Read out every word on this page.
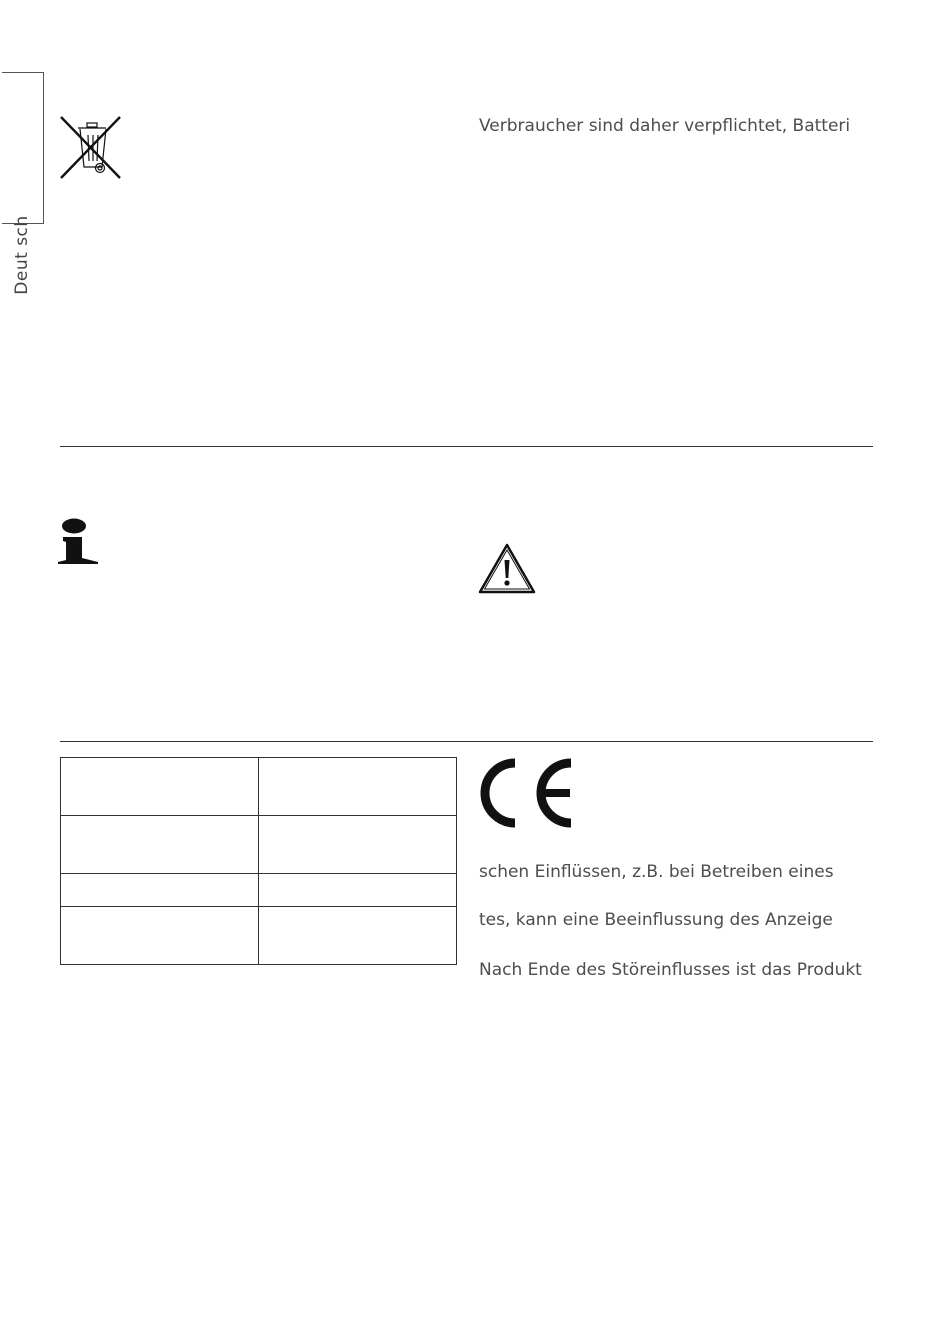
Deut sch
Verbraucher sind daher verpflichtet, Batteri

schen Einflüssen, z.B. bei Betreiben eines
tes, kann eine Beeinflussung des Anzeige
Nach Ende des Störeinflusses ist das Produkt
